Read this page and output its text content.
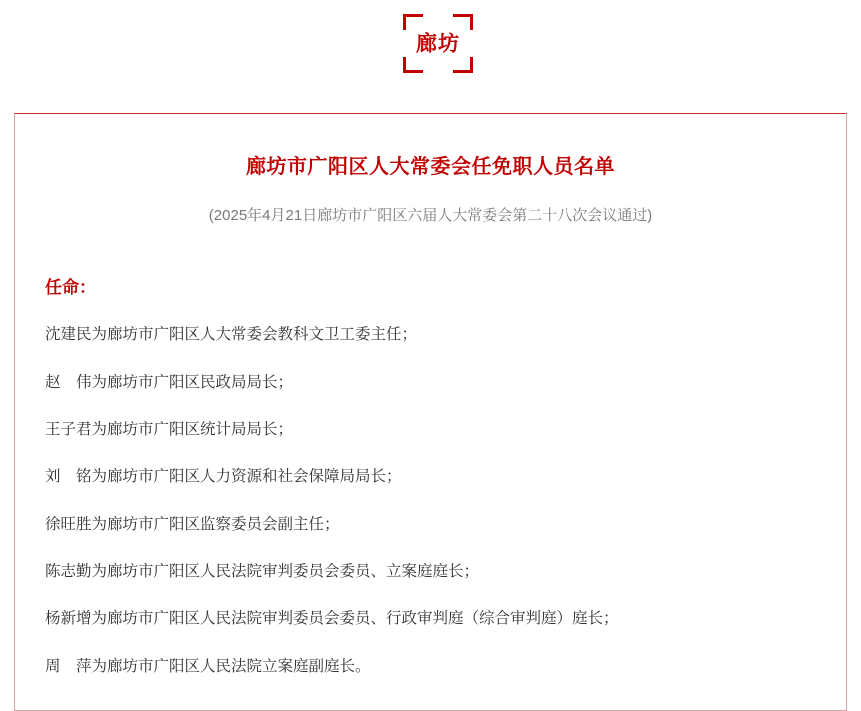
廊坊
廊坊市广阳区人大常委会任免职人员名单

(2025年4月21日廊坊市广阳区六届人大常委会第二十八次会议通过)

任命：
沈建民为廊坊市广阳区人大常委会教科文卫工委主任；
赵　伟为廊坊市广阳区民政局局长；
王子君为廊坊市广阳区统计局局长；
刘　铭为廊坊市广阳区人力资源和社会保障局局长；
徐旺胜为廊坊市广阳区监察委员会副主任；
陈志勤为廊坊市广阳区人民法院审判委员会委员、立案庭庭长；
杨新增为廊坊市广阳区人民法院审判委员会委员、行政审判庭（综合审判庭）庭长；
周　萍为廊坊市广阳区人民法院立案庭副庭长。
